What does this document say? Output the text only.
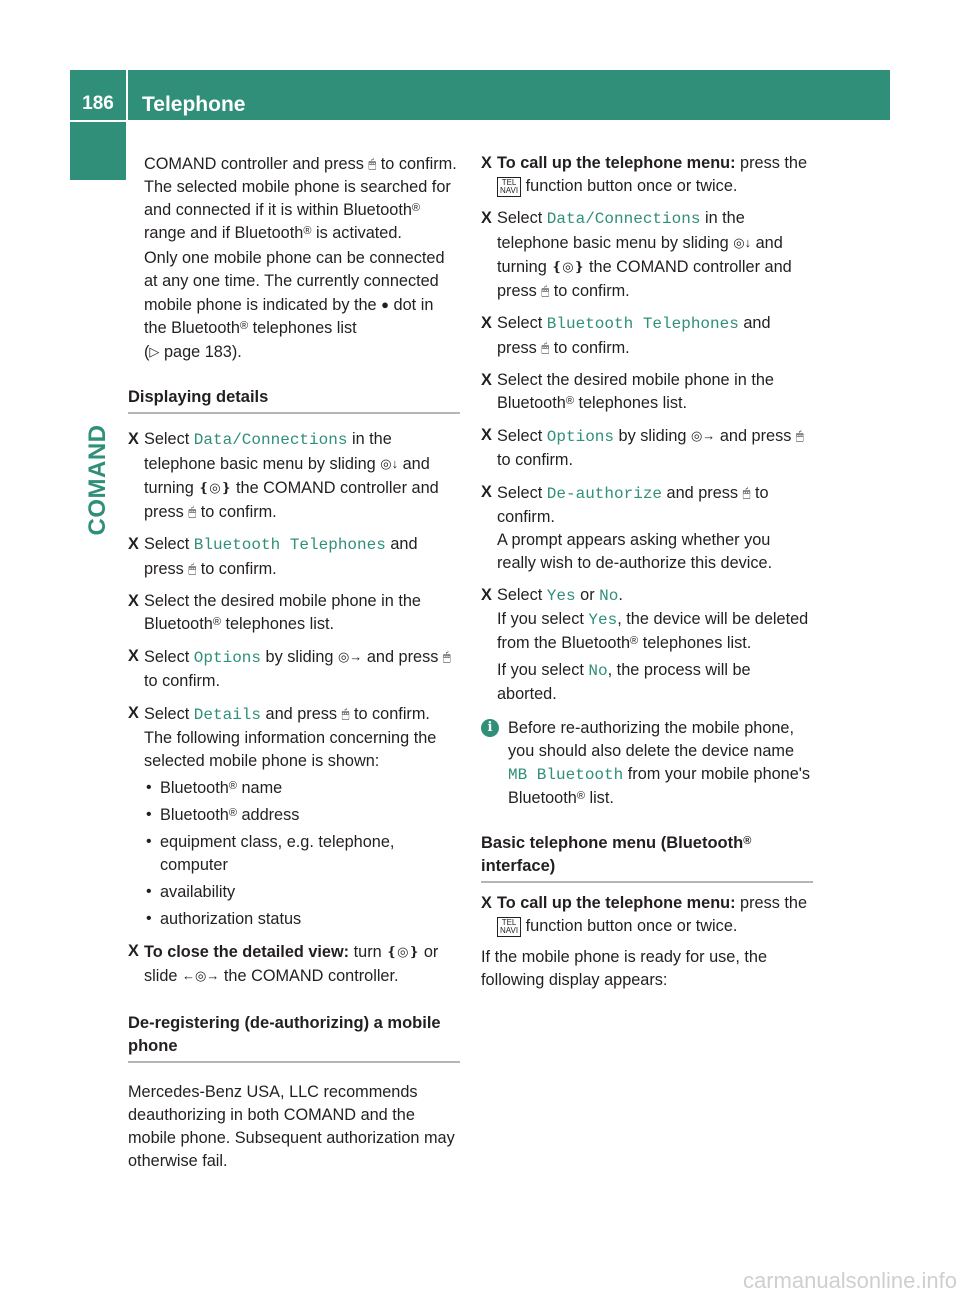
186	Telephone
COMAND

COMAND controller and press 🖱 to confirm.

The selected mobile phone is searched for and connected if it is within Bluetooth® range and if Bluetooth® is activated.

Only one mobile phone can be connected at any one time. The currently connected mobile phone is indicated by the ● dot in the Bluetooth® telephones list
(▷ page 183).

Displaying details
X Select Data/Connections in the telephone basic menu by sliding ◎↓ and turning ❴◎❵ the COMAND controller and press 🖱 to confirm.
X Select Bluetooth Telephones and press 🖱 to confirm.
X Select the desired mobile phone in the Bluetooth® telephones list.
X Select Options by sliding ◎→ and press 🖱 to confirm.
X Select Details and press 🖱 to confirm.
The following information concerning the selected mobile phone is shown:
• Bluetooth® name
• Bluetooth® address
• equipment class, e.g. telephone, computer
• availability
• authorization status
X To close the detailed view: turn ❴◎❵ or slide ←◎→ the COMAND controller.
De-registering (de-authorizing) a mobile phone

Mercedes-Benz USA, LLC recommends deauthorizing in both COMAND and the mobile phone. Subsequent authorization may otherwise fail.

X To call up the telephone menu: press the
TEL
NAVI function button once or twice.
X Select Data/Connections in the telephone basic menu by sliding ◎↓ and turning ❴◎❵ the COMAND controller and press 🖱 to confirm.
X Select Bluetooth Telephones and press 🖱 to confirm.
X Select the desired mobile phone in the Bluetooth® telephones list.
X Select Options by sliding ◎→ and press 🖱 to confirm.
X Select De-authorize and press 🖱 to confirm.
A prompt appears asking whether you really wish to de-authorize this device.
X Select Yes or No.
If you select Yes, the device will be deleted from the Bluetooth® telephones list.
If you select No, the process will be aborted.
i Before re-authorizing the mobile phone, you should also delete the device name MB Bluetooth from your mobile phone's Bluetooth® list.
Basic telephone menu (Bluetooth®
interface)
X To call up the telephone menu: press the
TEL
NAVI function button once or twice.

If the mobile phone is ready for use, the following display appears:

carmanualsonline.info
